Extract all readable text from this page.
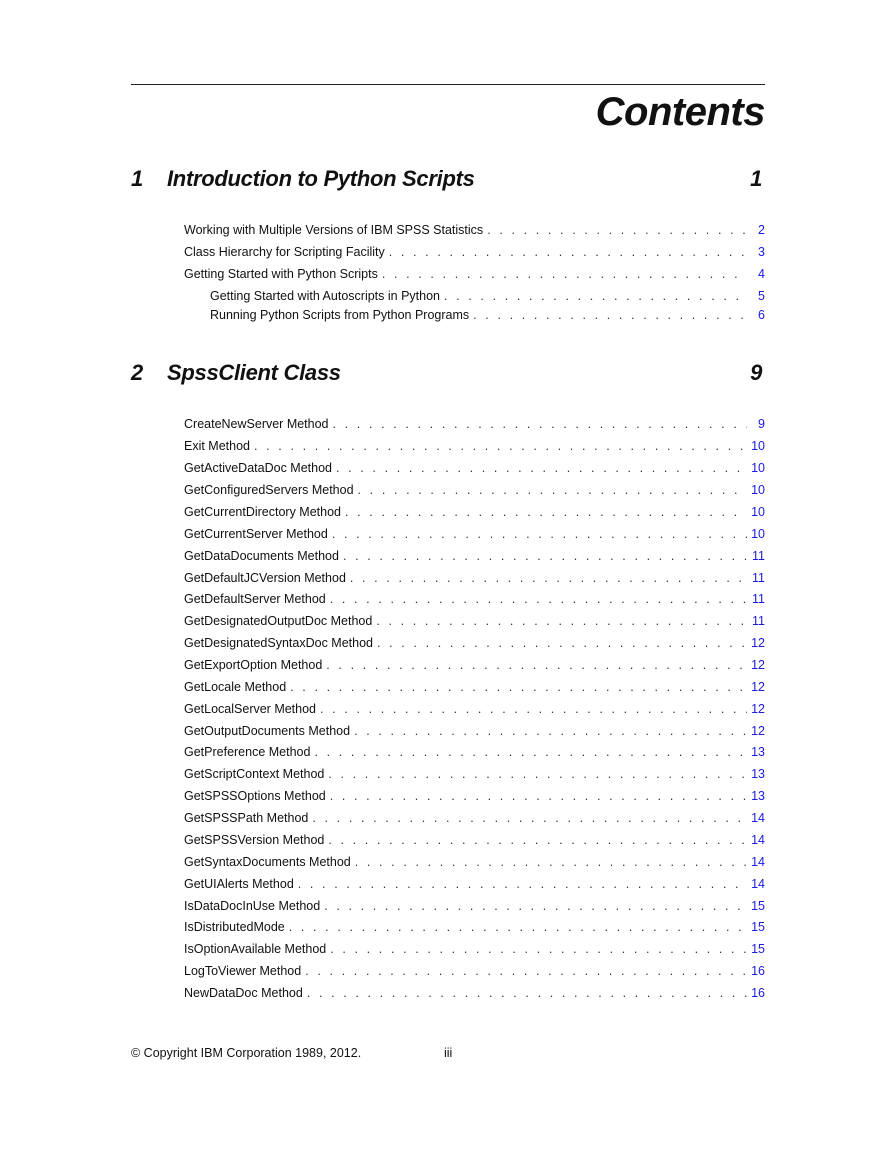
Contents
1 Introduction to Python Scripts	1
Working with Multiple Versions of IBM SPSS Statistics . . .	2
Class Hierarchy for Scripting Facility . . .	3
Getting Started with Python Scripts . . .	4
Getting Started with Autoscripts in Python . . .	5
Running Python Scripts from Python Programs . . .	6
2 SpssClient Class	9
CreateNewServer Method . . .	9
Exit Method . . .	10
GetActiveDataDoc Method . . .	10
GetConfiguredServers Method . . .	10
GetCurrentDirectory Method . . .	10
GetCurrentServer Method . . .	10
GetDataDocuments Method . . .	11
GetDefaultJCVersion Method . . .	11
GetDefaultServer Method . . .	11
GetDesignatedOutputDoc Method . . .	11
GetDesignatedSyntaxDoc Method . . .	12
GetExportOption Method . . .	12
GetLocale Method . . .	12
GetLocalServer Method . . .	12
GetOutputDocuments Method . . .	12
GetPreference Method . . .	13
GetScriptContext Method . . .	13
GetSPSSOptions Method . . .	13
GetSPSSPath Method . . .	14
GetSPSSVersion Method . . .	14
GetSyntaxDocuments Method . . .	14
GetUIAlerts Method . . .	14
IsDataDocInUse Method . . .	15
IsDistributedMode . . .	15
IsOptionAvailable Method . . .	15
LogToViewer Method . . .	16
NewDataDoc Method . . .	16
© Copyright IBM Corporation 1989, 2012.	iii
